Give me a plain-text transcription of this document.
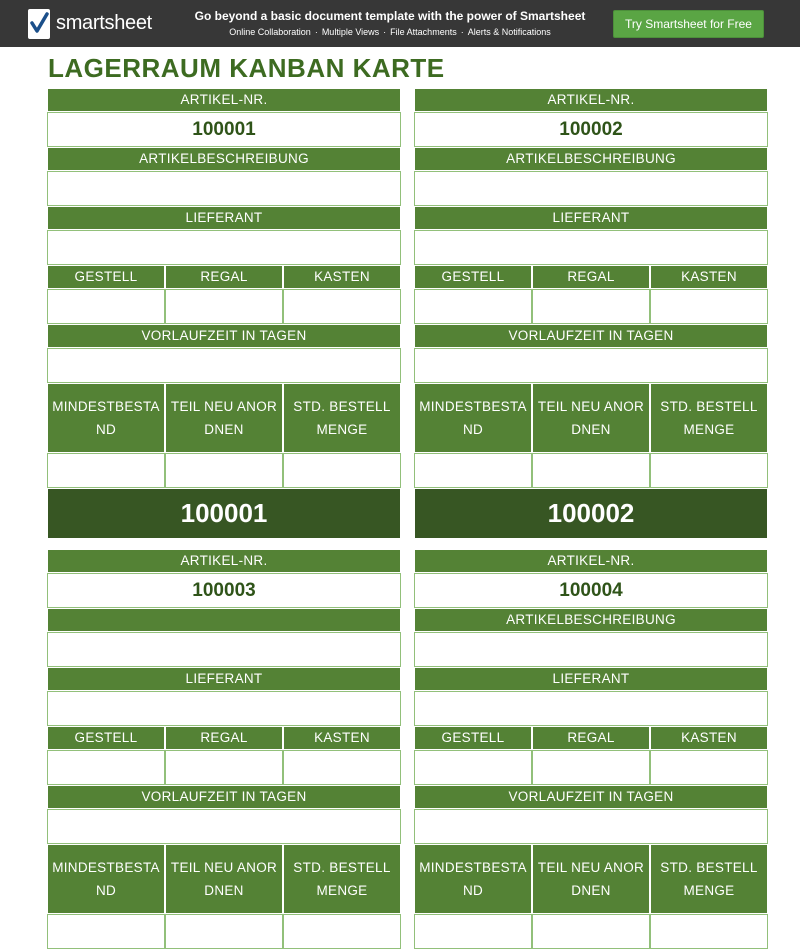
smartsheet	Go beyond a basic document template with the power of Smartsheet
Online Collaboration · Multiple Views · File Attachments · Alerts & Notifications
Try Smartsheet for Free
LAGERRAUM KANBAN KARTE
ARTIKEL-NR.
100001
ARTIKELBESCHREIBUNG
LIEFERANT
GESTELL	REGAL	KASTEN
VORLAUFZEIT IN TAGEN
MINDESTBESTAND
TEIL NEU ANORDNEN
STD. BESTELLMENGE
100001
ARTIKEL-NR.
100002
ARTIKELBESCHREIBUNG
LIEFERANT
GESTELL	REGAL	KASTEN
VORLAUFZEIT IN TAGEN
MINDESTBESTAND
TEIL NEU ANORDNEN
STD. BESTELLMENGE
100002
ARTIKEL-NR.
100003
LIEFERANT
GESTELL	REGAL	KASTEN
VORLAUFZEIT IN TAGEN
MINDESTBESTAND
TEIL NEU ANORDNEN
STD. BESTELLMENGE
ARTIKEL-NR.
100004
ARTIKELBESCHREIBUNG
LIEFERANT
GESTELL	REGAL	KASTEN
VORLAUFZEIT IN TAGEN
MINDESTBESTAND
TEIL NEU ANORDNEN
STD. BESTELLMENGE
